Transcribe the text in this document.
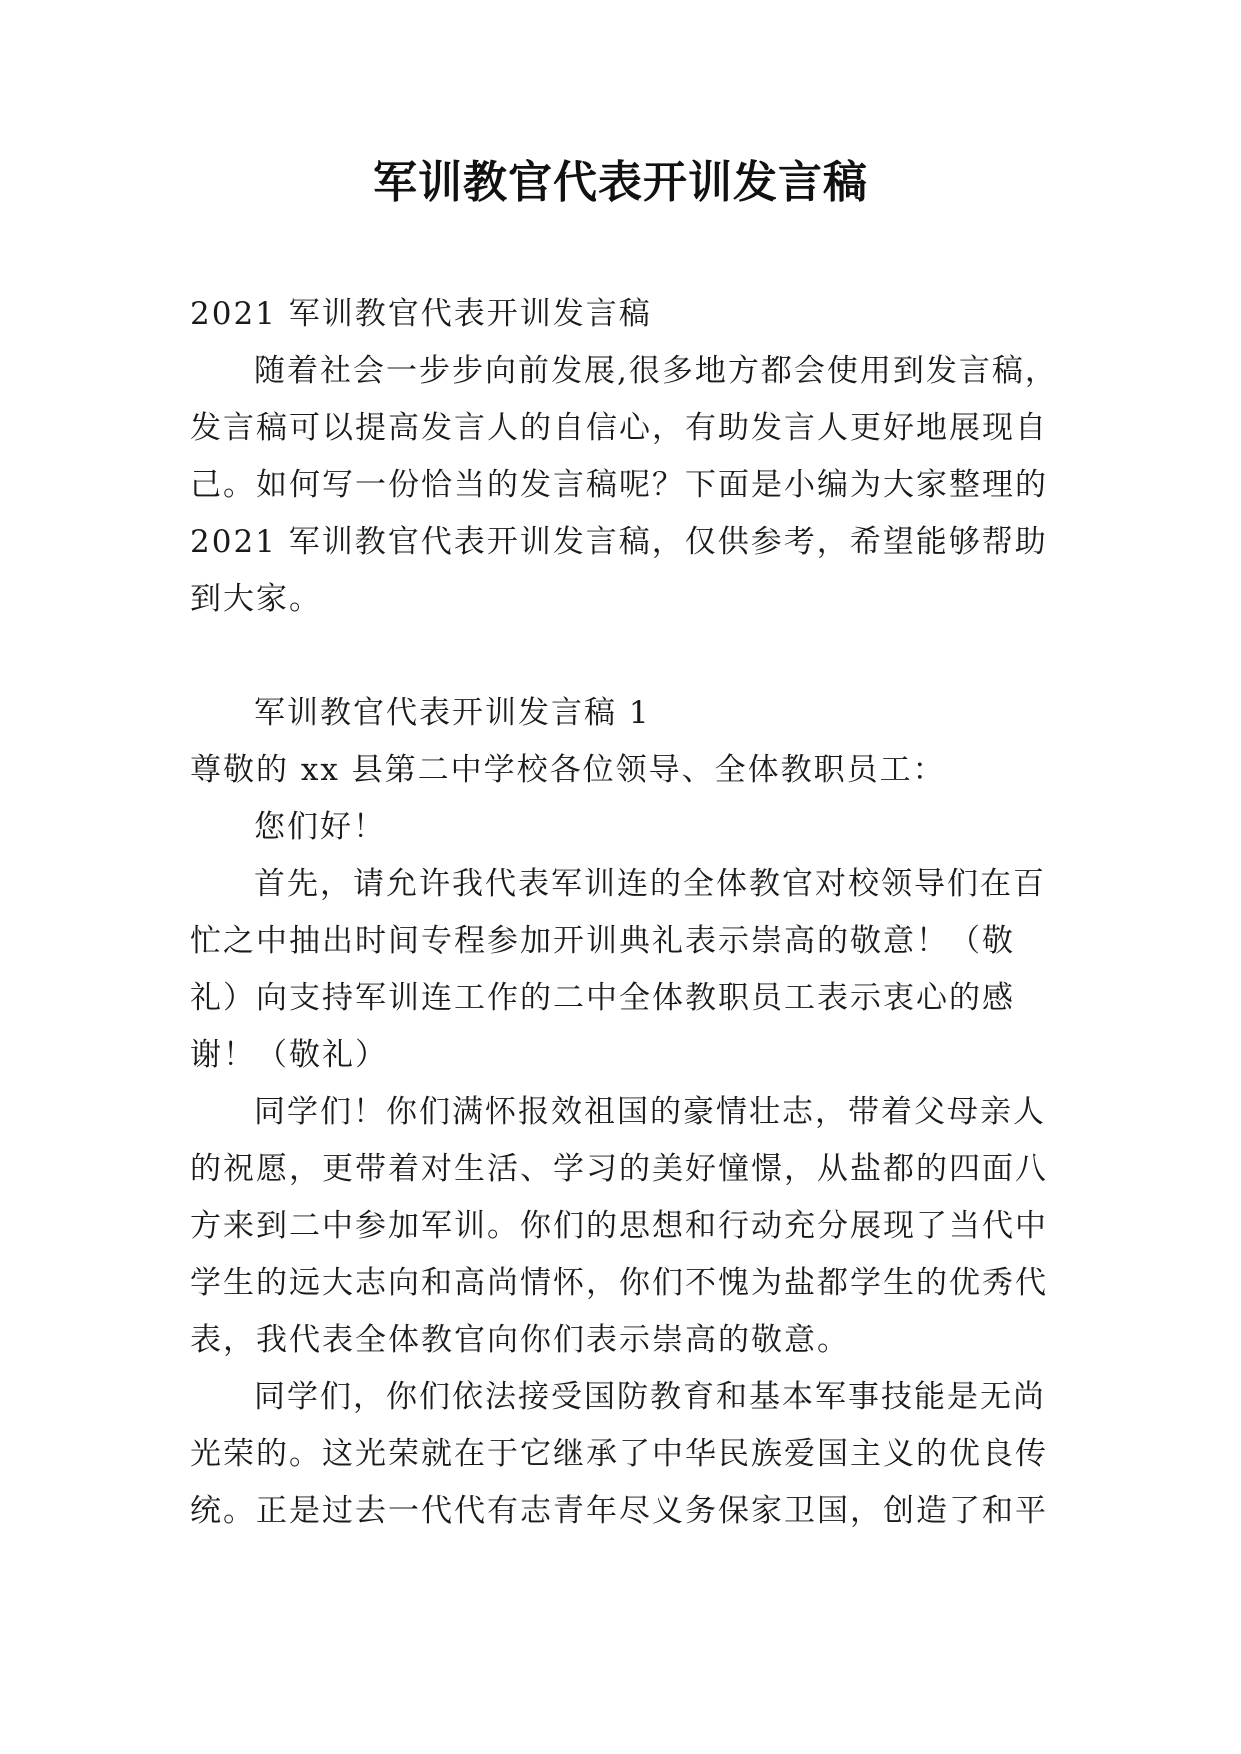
军训教官代表开训发言稿

2021 军训教官代表开训发言稿

随着社会一步步向前发展,很多地方都会使用到发言稿，发言稿可以提高发言人的自信心，有助发言人更好地展现自己。如何写一份恰当的发言稿呢？下面是小编为大家整理的 2021 军训教官代表开训发言稿，仅供参考，希望能够帮助到大家。

军训教官代表开训发言稿 1

尊敬的 xx 县第二中学校各位领导、全体教职员工：

您们好！

首先，请允许我代表军训连的全体教官对校领导们在百忙之中抽出时间专程参加开训典礼表示崇高的敬意！（敬礼）向支持军训连工作的二中全体教职员工表示衷心的感谢！（敬礼）

同学们！你们满怀报效祖国的豪情壮志，带着父母亲人的祝愿，更带着对生活、学习的美好憧憬，从盐都的四面八方来到二中参加军训。你们的思想和行动充分展现了当代中学生的远大志向和高尚情怀，你们不愧为盐都学生的优秀代表，我代表全体教官向你们表示崇高的敬意。

同学们，你们依法接受国防教育和基本军事技能是无尚光荣的。这光荣就在于它继承了中华民族爱国主义的优良传统。正是过去一代代有志青年尽义务保家卫国，创造了和平
